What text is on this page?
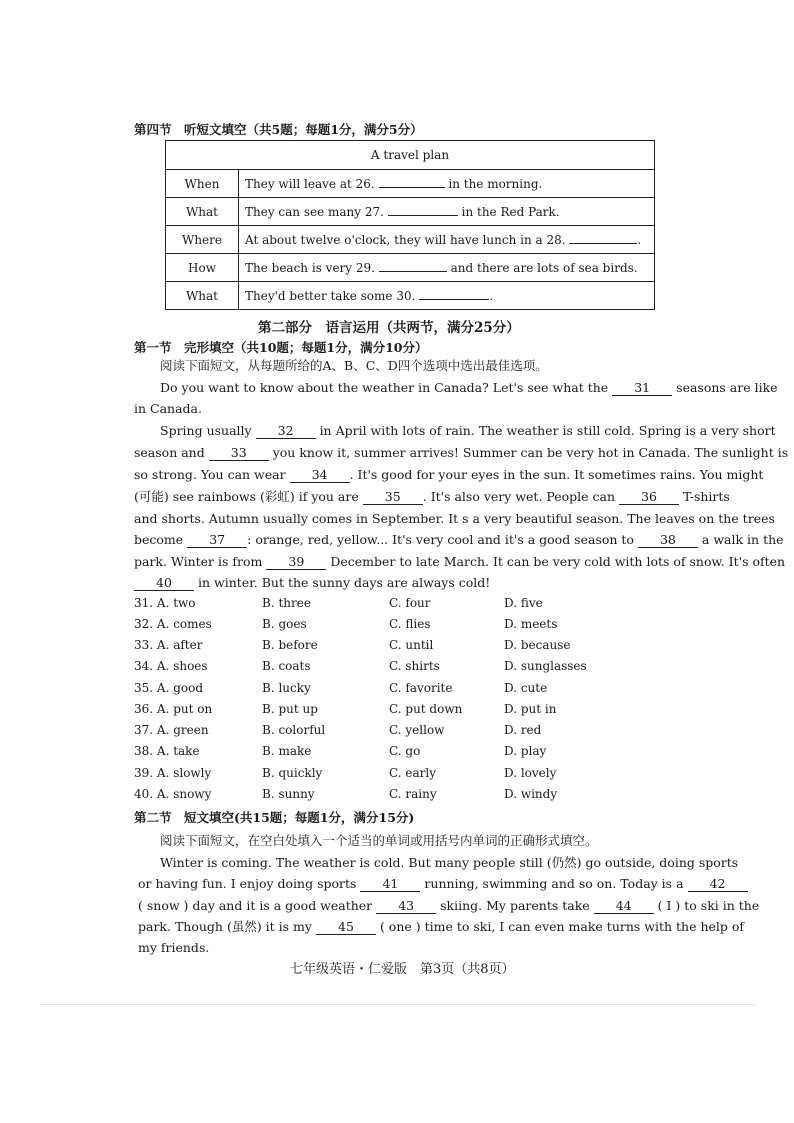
第四节　听短文填空（共5题；每题1分，满分5分）
A travel plan	
When	They will leave at 26. in the morning.
What	They can see many 27. in the Red Park.
Where	At about twelve o'clock, they will have lunch in a 28. .
How	The beach is very 29. and there are lots of sea birds.
What	They'd better take some 30. .
第二部分　语言运用（共两节，满分25分）
第一节　完形填空（共10题；每题1分，满分10分）
阅读下面短文，从每题所给的A、B、C、D四个选项中选出最佳选项。
Do you want to know about the weather in Canada? Let's see what the 31 seasons are like
in Canada.
Spring usually 32 in April with lots of rain. The weather is still cold. Spring is a very short
season and 33 you know it, summer arrives! Summer can be very hot in Canada. The sunlight is
so strong. You can wear 34 . It's good for your eyes in the sun. It sometimes rains. You might
(可能) see rainbows (彩虹) if you are 35 . It's also very wet. People can 36 T-shirts
and shorts. Autumn usually comes in September. It s a very beautiful season. The leaves on the trees
become 37 : orange, red, yellow... It's very cool and it's a good season to 38 a walk in the
park. Winter is from 39 December to late March. It can be very cold with lots of snow. It's often
40 in winter. But the sunny days are always cold!
31. A. two	B. three	C. four	D. five
32. A. comes	B. goes	C. flies	D. meets
33. A. after	B. before	C. until	D. because
34. A. shoes	B. coats	C. shirts	D. sunglasses
35. A. good	B. lucky	C. favorite	D. cute
36. A. put on	B. put up	C. put down	D. put in
37. A. green	B. colorful	C. yellow	D. red
38. A. take	B. make	C. go	D. play
39. A. slowly	B. quickly	C. early	D. lovely
40. A. snowy	B. sunny	C. rainy	D. windy
第二节　短文填空(共15题；每题1分，满分15分)
阅读下面短文，在空白处填入一个适当的单词或用括号内单词的正确形式填空。
Winter is coming. The weather is cold. But many people still (仍然) go outside, doing sports
or having fun. I enjoy doing sports 41 running, swimming and so on. Today is a 42
( snow ) day and it is a good weather 43 skiing. My parents take 44 ( I ) to ski in the
park. Though (虽然) it is my 45 ( one ) time to ski, I can even make turns with the help of
my friends.
七年级英语・仁爱版　第3页（共8页）
